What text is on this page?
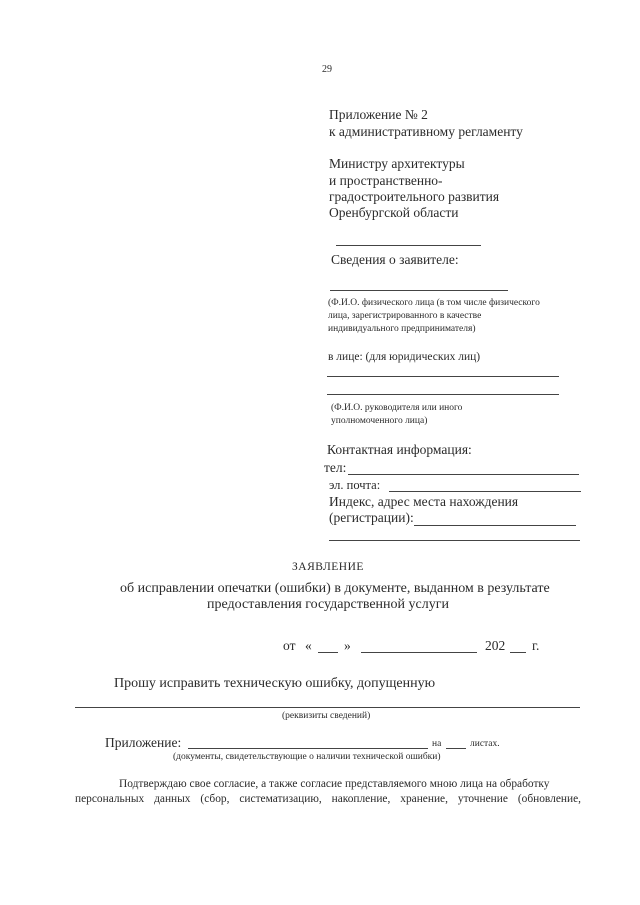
29
Приложение № 2
к административному регламенту
Министру архитектуры
и пространственно-
градостроительного развития
Оренбургской области
Сведения о заявителе:
(Ф.И.О. физического лица (в том числе физического
лица, зарегистрированного в качестве
индивидуального предпринимателя)
в лице: (для юридических лиц)
(Ф.И.О. руководителя или иного
уполномоченного лица)
Контактная информация:
тел:
эл. почта:
Индекс, адрес места нахождения
(регистрации):
ЗАЯВЛЕНИЕ
об исправлении опечатки (ошибки) в документе, выданном в результате
предоставления государственной услуги
от « »	202 г.
Прошу исправить техническую ошибку, допущенную
(реквизиты сведений)
Приложение:	на	листах.
(документы, свидетельствующие о наличии технической ошибки)
Подтверждаю свое согласие, а также согласие представляемого мною лица на обработку
персональных данных (сбор, систематизацию, накопление, хранение, уточнение (обновление,
